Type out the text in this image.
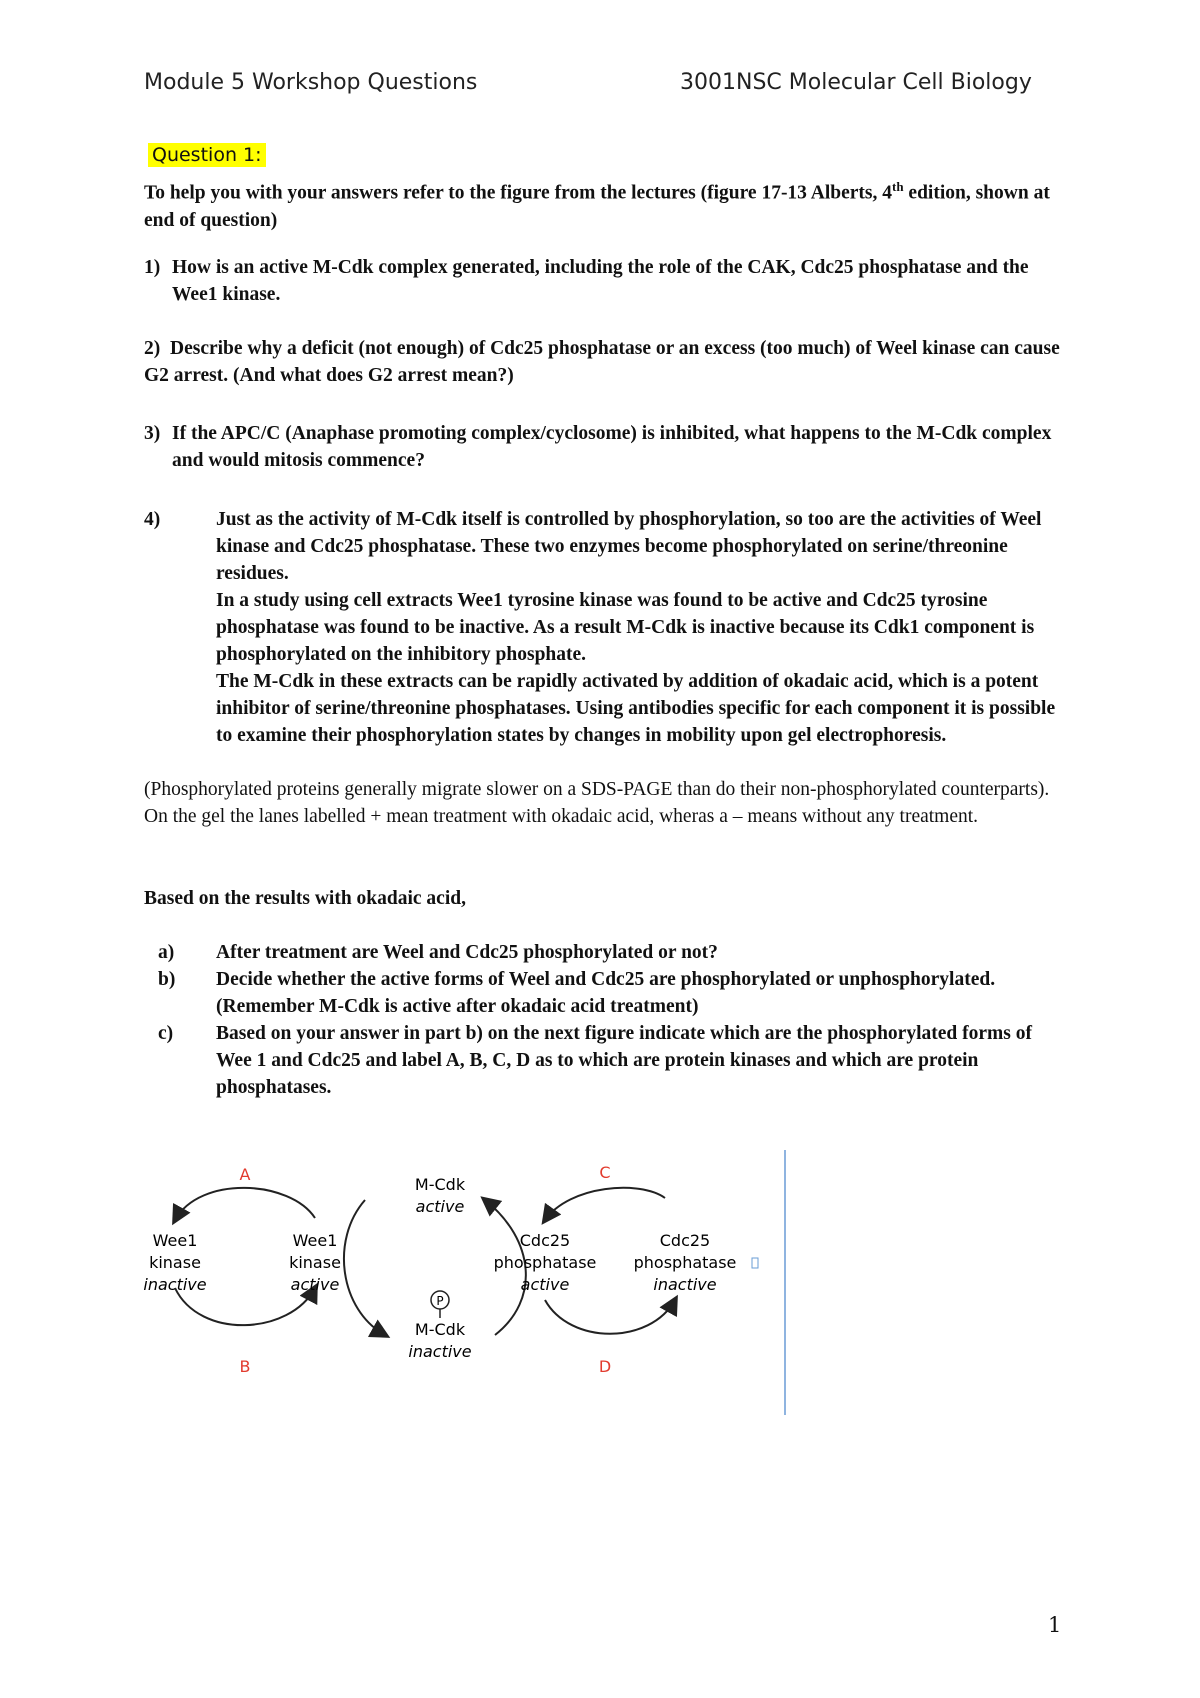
Module 5 Workshop Questions	3001NSC Molecular Cell Biology
Question 1:
To help you with your answers refer to the figure from the lectures (figure 17-13 Alberts, 4th edition, shown at end of question)
1) How is an active M-Cdk complex generated, including the role of the CAK, Cdc25 phosphatase and the Wee1 kinase.
2) Describe why a deficit (not enough) of Cdc25 phosphatase or an excess (too much) of Weel kinase can cause G2 arrest. (And what does G2 arrest mean?)
3) If the APC/C (Anaphase promoting complex/cyclosome) is inhibited, what happens to the M-Cdk complex and would mitosis commence?
4)	Just as the activity of M-Cdk itself is controlled by phosphorylation, so too are the activities of Weel kinase and Cdc25 phosphatase. These two enzymes become phosphorylated on serine/threonine residues.
In a study using cell extracts Wee1 tyrosine kinase was found to be active and Cdc25 tyrosine phosphatase was found to be inactive. As a result M-Cdk is inactive because its Cdk1 component is phosphorylated on the inhibitory phosphate.
The M-Cdk in these extracts can be rapidly activated by addition of okadaic acid, which is a potent inhibitor of serine/threonine phosphatases. Using antibodies specific for each component it is possible to examine their phosphorylation states by changes in mobility upon gel electrophoresis.
(Phosphorylated proteins generally migrate slower on a SDS-PAGE than do their non-phosphorylated counterparts). On the gel the lanes labelled + mean treatment with okadaic acid, wheras a – means without any treatment.
Based on the results with okadaic acid,
a) After treatment are Weel and Cdc25 phosphorylated or not?
b) Decide whether the active forms of Weel and Cdc25 are phosphorylated or unphosphorylated. (Remember M-Cdk is active after okadaic acid treatment)
c) Based on your answer in part b) on the next figure indicate which are the phosphorylated forms of Wee 1 and Cdc25 and label A, B, C, D as to which are protein kinases and which are protein phosphatases.
A
B
Wee1
kinase
inactive
Wee1
kinase
active
M-Cdk
active
P
M-Cdk
inactive
C
D
Cdc25
phosphatase
active
Cdc25
phosphatase
inactive
1
